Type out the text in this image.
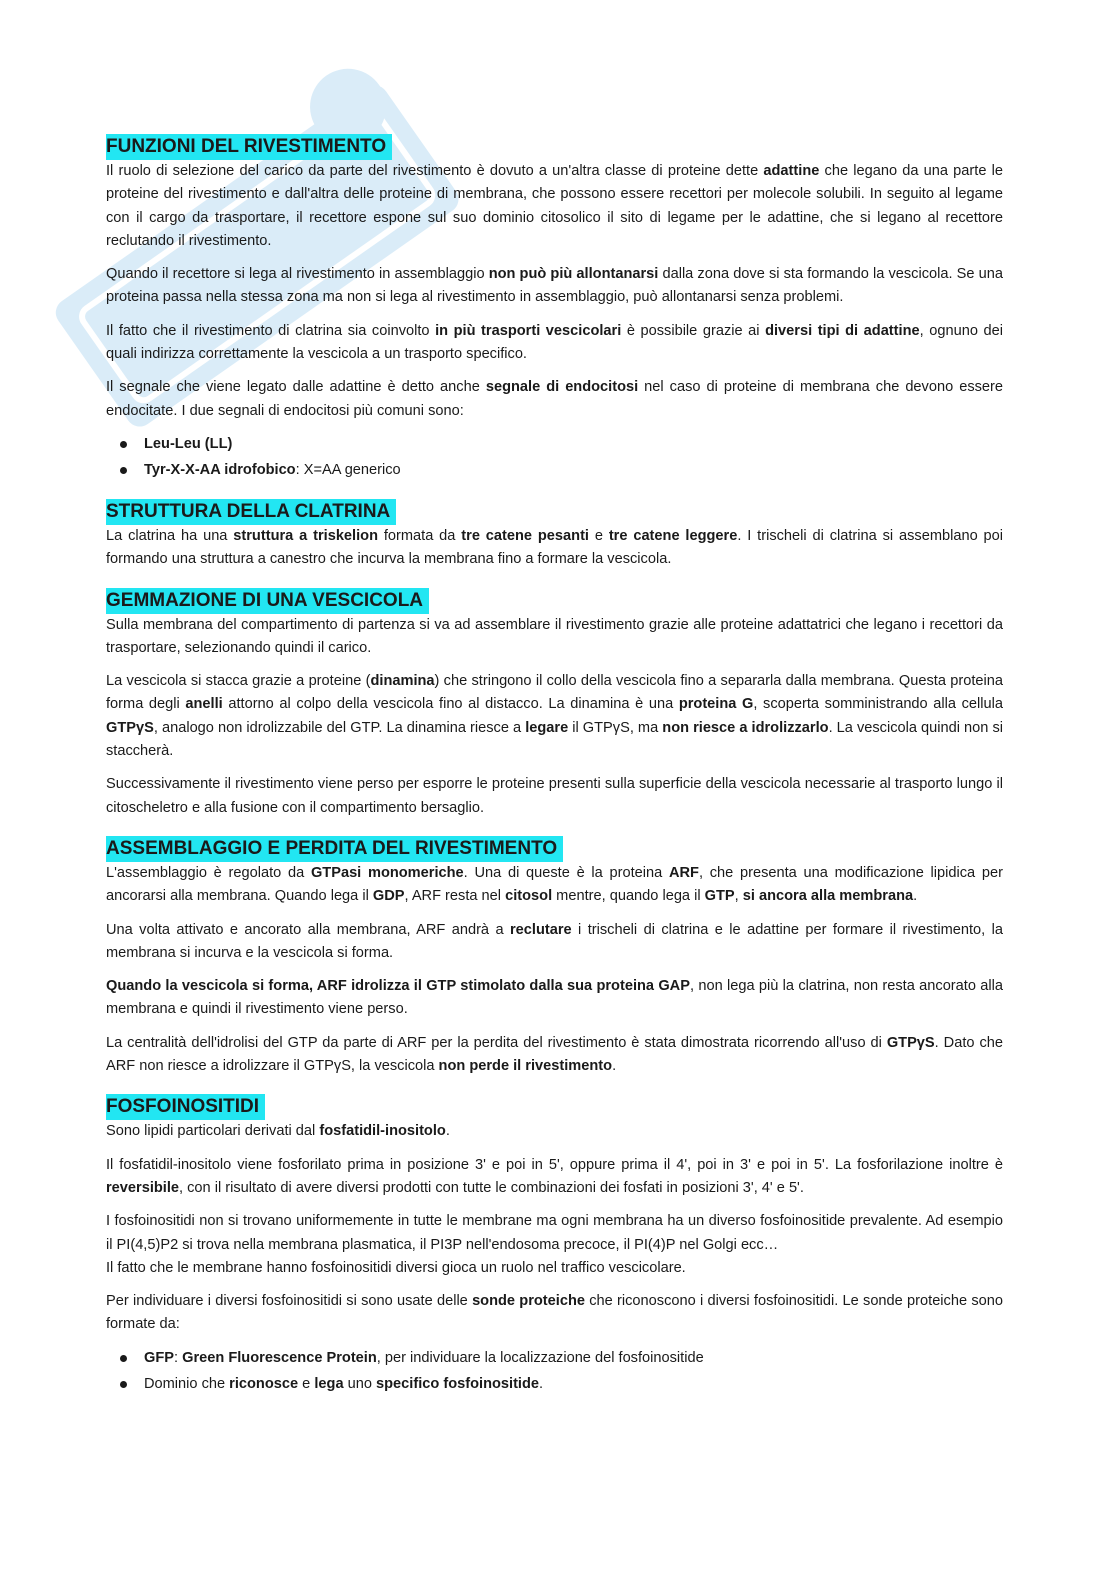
FUNZIONI DEL RIVESTIMENTO

Il ruolo di selezione del carico da parte del rivestimento è dovuto a un'altra classe di proteine dette adattine che legano da una parte le proteine del rivestimento e dall'altra delle proteine di membrana, che possono essere recettori per molecole solubili. In seguito al legame con il cargo da trasportare, il recettore espone sul suo dominio citosolico il sito di legame per le adattine, che si legano al recettore reclutando il rivestimento.

Quando il recettore si lega al rivestimento in assemblaggio non può più allontanarsi dalla zona dove si sta formando la vescicola. Se una proteina passa nella stessa zona ma non si lega al rivestimento in assemblaggio, può allontanarsi senza problemi.

Il fatto che il rivestimento di clatrina sia coinvolto in più trasporti vescicolari è possibile grazie ai diversi tipi di adattine, ognuno dei quali indirizza correttamente la vescicola a un trasporto specifico.

Il segnale che viene legato dalle adattine è detto anche segnale di endocitosi nel caso di proteine di membrana che devono essere endocitate. I due segnali di endocitosi più comuni sono:

Leu-Leu (LL)
Tyr-X-X-AA idrofobico: X=AA generico
STRUTTURA DELLA CLATRINA

La clatrina ha una struttura a triskelion formata da tre catene pesanti e tre catene leggere. I trischeli di clatrina si assemblano poi formando una struttura a canestro che incurva la membrana fino a formare la vescicola.

GEMMAZIONE DI UNA VESCICOLA

Sulla membrana del compartimento di partenza si va ad assemblare il rivestimento grazie alle proteine adattatrici che legano i recettori da trasportare, selezionando quindi il carico.

La vescicola si stacca grazie a proteine (dinamina) che stringono il collo della vescicola fino a separarla dalla membrana. Questa proteina forma degli anelli attorno al colpo della vescicola fino al distacco. La dinamina è una proteina G, scoperta somministrando alla cellula GTPγS, analogo non idrolizzabile del GTP. La dinamina riesce a legare il GTPγS, ma non riesce a idrolizzarlo. La vescicola quindi non si staccherà.

Successivamente il rivestimento viene perso per esporre le proteine presenti sulla superficie della vescicola necessarie al trasporto lungo il citoscheletro e alla fusione con il compartimento bersaglio.

ASSEMBLAGGIO E PERDITA DEL RIVESTIMENTO

L'assemblaggio è regolato da GTPasi monomeriche. Una di queste è la proteina ARF, che presenta una modificazione lipidica per ancorarsi alla membrana. Quando lega il GDP, ARF resta nel citosol mentre, quando lega il GTP, si ancora alla membrana.

Una volta attivato e ancorato alla membrana, ARF andrà a reclutare i trischeli di clatrina e le adattine per formare il rivestimento, la membrana si incurva e la vescicola si forma.

Quando la vescicola si forma, ARF idrolizza il GTP stimolato dalla sua proteina GAP, non lega più la clatrina, non resta ancorato alla membrana e quindi il rivestimento viene perso.

La centralità dell'idrolisi del GTP da parte di ARF per la perdita del rivestimento è stata dimostrata ricorrendo all'uso di GTPγS. Dato che ARF non riesce a idrolizzare il GTPγS, la vescicola non perde il rivestimento.

FOSFOINOSITIDI

Sono lipidi particolari derivati dal fosfatidil-inositolo.

Il fosfatidil-inositolo viene fosforilato prima in posizione 3' e poi in 5', oppure prima il 4', poi in 3' e poi in 5'. La fosforilazione inoltre è reversibile, con il risultato di avere diversi prodotti con tutte le combinazioni dei fosfati in posizioni 3', 4' e 5'.

I fosfoinositidi non si trovano uniformemente in tutte le membrane ma ogni membrana ha un diverso fosfoinositide prevalente. Ad esempio il PI(4,5)P2 si trova nella membrana plasmatica, il PI3P nell'endosoma precoce, il PI(4)P nel Golgi ecc…
Il fatto che le membrane hanno fosfoinositidi diversi gioca un ruolo nel traffico vescicolare.

Per individuare i diversi fosfoinositidi si sono usate delle sonde proteiche che riconoscono i diversi fosfoinositidi. Le sonde proteiche sono formate da:

GFP: Green Fluorescence Protein, per individuare la localizzazione del fosfoinositide
Dominio che riconosce e lega uno specifico fosfoinositide.
